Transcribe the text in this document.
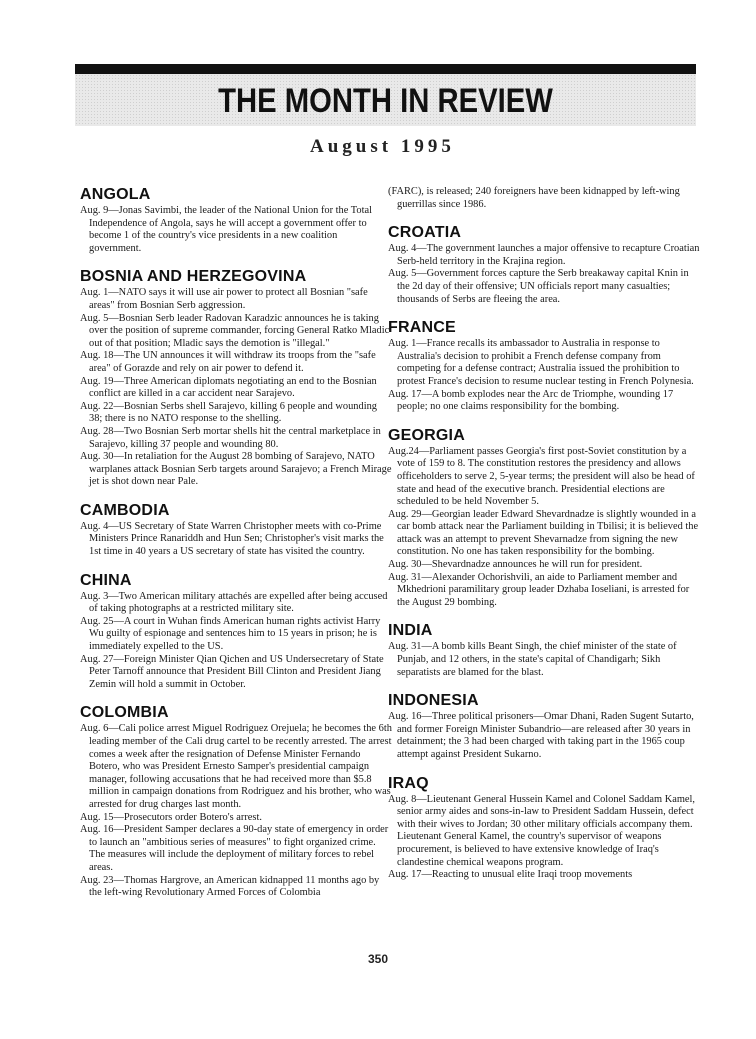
THE MONTH IN REVIEW
August 1995
ANGOLA

Aug. 9—Jonas Savimbi, the leader of the National Union for the Total Independence of Angola, says he will accept a government offer to become 1 of the country's vice presidents in a new coalition government.

BOSNIA AND HERZEGOVINA

Aug. 1—NATO says it will use air power to protect all Bosnian "safe areas" from Bosnian Serb aggression.

Aug. 5—Bosnian Serb leader Radovan Karadzic announces he is taking over the position of supreme commander, forcing General Ratko Mladic out of that position; Mladic says the demotion is "illegal."

Aug. 18—The UN announces it will withdraw its troops from the "safe area" of Gorazde and rely on air power to defend it.

Aug. 19—Three American diplomats negotiating an end to the Bosnian conflict are killed in a car accident near Sarajevo.

Aug. 22—Bosnian Serbs shell Sarajevo, killing 6 people and wounding 38; there is no NATO response to the shelling.

Aug. 28—Two Bosnian Serb mortar shells hit the central marketplace in Sarajevo, killing 37 people and wounding 80.

Aug. 30—In retaliation for the August 28 bombing of Sarajevo, NATO warplanes attack Bosnian Serb targets around Sarajevo; a French Mirage jet is shot down near Pale.

CAMBODIA

Aug. 4—US Secretary of State Warren Christopher meets with co-Prime Ministers Prince Ranariddh and Hun Sen; Christopher's visit marks the 1st time in 40 years a US secretary of state has visited the country.

CHINA

Aug. 3—Two American military attachés are expelled after being accused of taking photographs at a restricted military site.

Aug. 25—A court in Wuhan finds American human rights activist Harry Wu guilty of espionage and sentences him to 15 years in prison; he is immediately expelled to the US.

Aug. 27—Foreign Minister Qian Qichen and US Undersecretary of State Peter Tarnoff announce that President Bill Clinton and President Jiang Zemin will hold a summit in October.

COLOMBIA

Aug. 6—Cali police arrest Miguel Rodriguez Orejuela; he becomes the 6th leading member of the Cali drug cartel to be recently arrested. The arrest comes a week after the resignation of Defense Minister Fernando Botero, who was President Ernesto Samper's presidential campaign manager, following accusations that he had received more than $5.8 million in campaign donations from Rodriguez and his brother, who was arrested for drug charges last month.

Aug. 15—Prosecutors order Botero's arrest.

Aug. 16—President Samper declares a 90-day state of emergency in order to launch an "ambitious series of measures" to fight organized crime. The measures will include the deployment of military forces to rebel areas.

Aug. 23—Thomas Hargrove, an American kidnapped 11 months ago by the left-wing Revolutionary Armed Forces of Colombia

(FARC), is released; 240 foreigners have been kidnapped by left-wing guerrillas since 1986.

CROATIA

Aug. 4—The government launches a major offensive to recapture Croatian Serb-held territory in the Krajina region.

Aug. 5—Government forces capture the Serb breakaway capital Knin in the 2d day of their offensive; UN officials report many casualties; thousands of Serbs are fleeing the area.

FRANCE

Aug. 1—France recalls its ambassador to Australia in response to Australia's decision to prohibit a French defense company from competing for a defense contract; Australia issued the prohibition to protest France's decision to resume nuclear testing in French Polynesia.

Aug. 17—A bomb explodes near the Arc de Triomphe, wounding 17 people; no one claims responsibility for the bombing.

GEORGIA

Aug.24—Parliament passes Georgia's first post-Soviet constitution by a vote of 159 to 8. The constitution restores the presidency and allows officeholders to serve 2, 5-year terms; the president will also be head of state and head of the executive branch. Presidential elections are scheduled to be held November 5.

Aug. 29—Georgian leader Edward Shevardnadze is slightly wounded in a car bomb attack near the Parliament building in Tbilisi; it is believed the attack was an attempt to prevent Shevarnadze from signing the new constitution. No one has taken responsibility for the bombing.

Aug. 30—Shevardnadze announces he will run for president.

Aug. 31—Alexander Ochorishvili, an aide to Parliament member and Mkhedrioni paramilitary group leader Dzhaba Ioseliani, is arrested for the August 29 bombing.

INDIA

Aug. 31—A bomb kills Beant Singh, the chief minister of the state of Punjab, and 12 others, in the state's capital of Chandigarh; Sikh separatists are blamed for the blast.

INDONESIA

Aug. 16—Three political prisoners—Omar Dhani, Raden Sugent Sutarto, and former Foreign Minister Subandrio—are released after 30 years in detainment; the 3 had been charged with taking part in the 1965 coup attempt against President Sukarno.

IRAQ

Aug. 8—Lieutenant General Hussein Kamel and Colonel Saddam Kamel, senior army aides and sons-in-law to President Saddam Hussein, defect with their wives to Jordan; 30 other military officials accompany them. Lieutenant General Kamel, the country's supervisor of weapons procurement, is believed to have extensive knowledge of Iraq's clandestine chemical weapons program.

Aug. 17—Reacting to unusual elite Iraqi troop movements

350
